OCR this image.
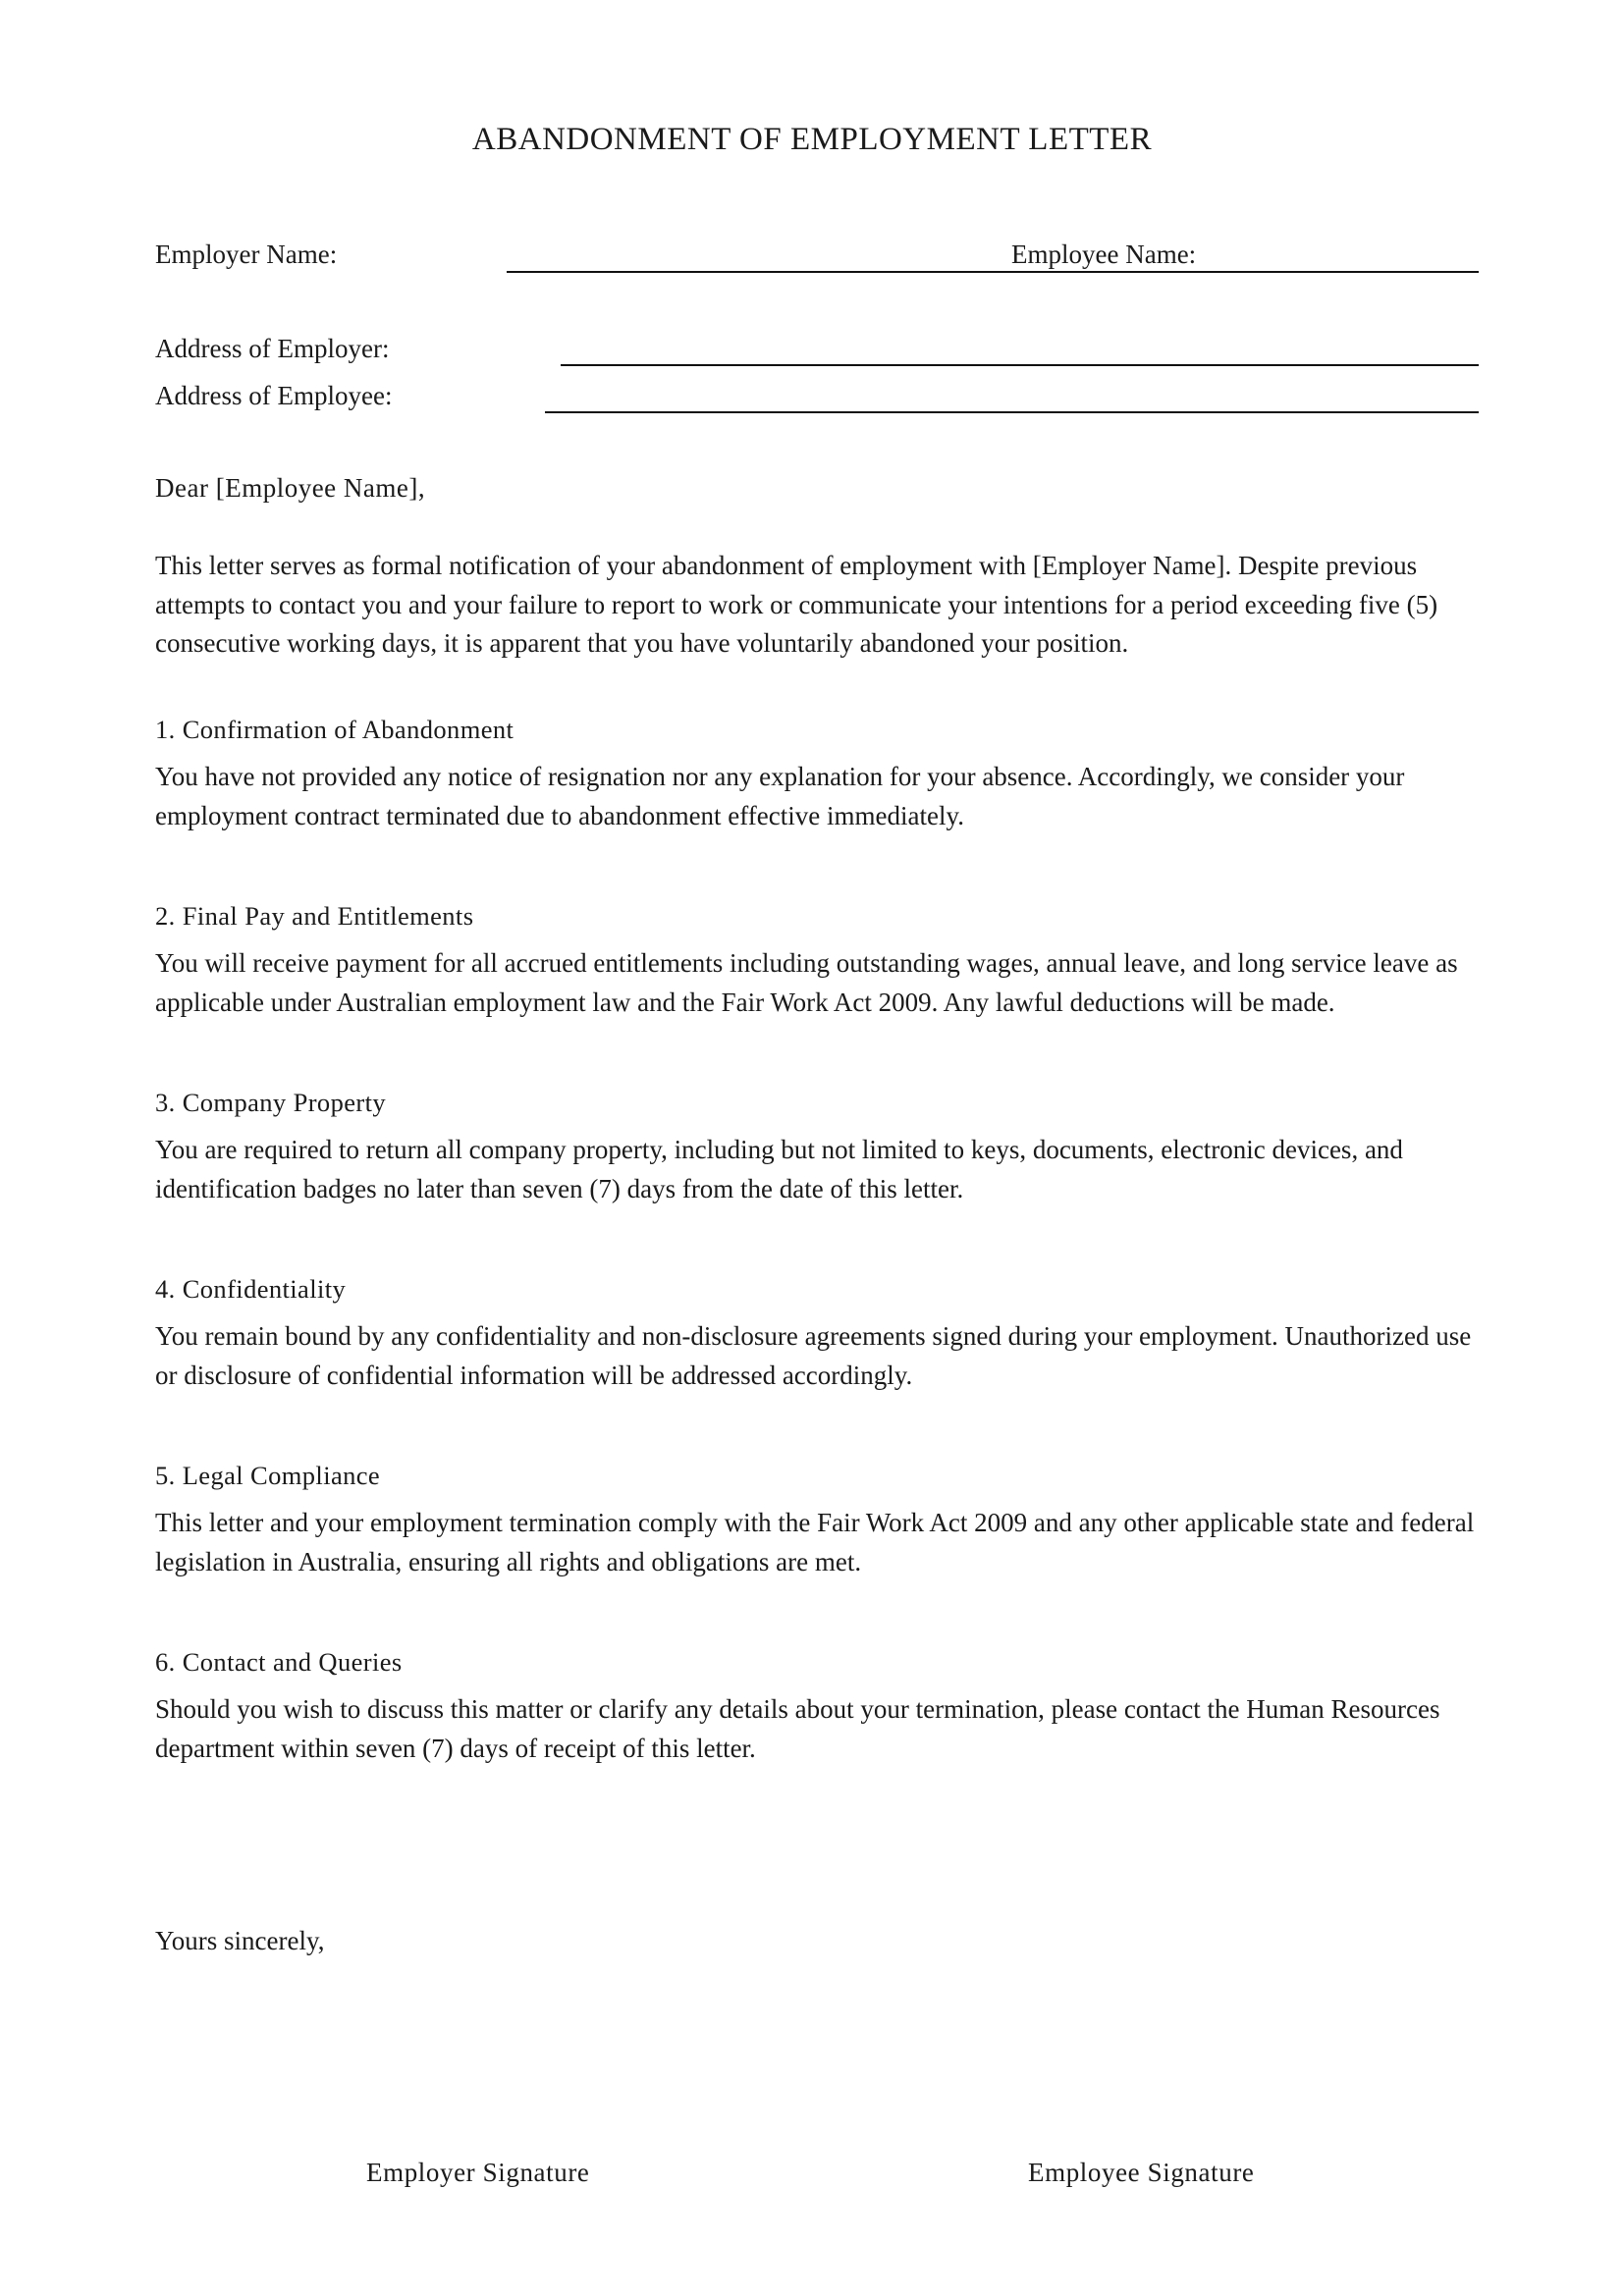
ABANDONMENT OF EMPLOYMENT LETTER
Employer Name:	Employee Name:
Address of Employer:
Address of Employee:
Dear [Employee Name],
This letter serves as formal notification of your abandonment of employment with [Employer Name]. Despite previous attempts to contact you and your failure to report to work or communicate your intentions for a period exceeding five (5) consecutive working days, it is apparent that you have voluntarily abandoned your position.
1. Confirmation of Abandonment
You have not provided any notice of resignation nor any explanation for your absence. Accordingly, we consider your employment contract terminated due to abandonment effective immediately.
2. Final Pay and Entitlements
You will receive payment for all accrued entitlements including outstanding wages, annual leave, and long service leave as applicable under Australian employment law and the Fair Work Act 2009. Any lawful deductions will be made.
3. Company Property
You are required to return all company property, including but not limited to keys, documents, electronic devices, and identification badges no later than seven (7) days from the date of this letter.
4. Confidentiality
You remain bound by any confidentiality and non-disclosure agreements signed during your employment. Unauthorized use or disclosure of confidential information will be addressed accordingly.
5. Legal Compliance
This letter and your employment termination comply with the Fair Work Act 2009 and any other applicable state and federal legislation in Australia, ensuring all rights and obligations are met.
6. Contact and Queries
Should you wish to discuss this matter or clarify any details about your termination, please contact the Human Resources department within seven (7) days of receipt of this letter.
Yours sincerely,
Employer Signature	Employee Signature
